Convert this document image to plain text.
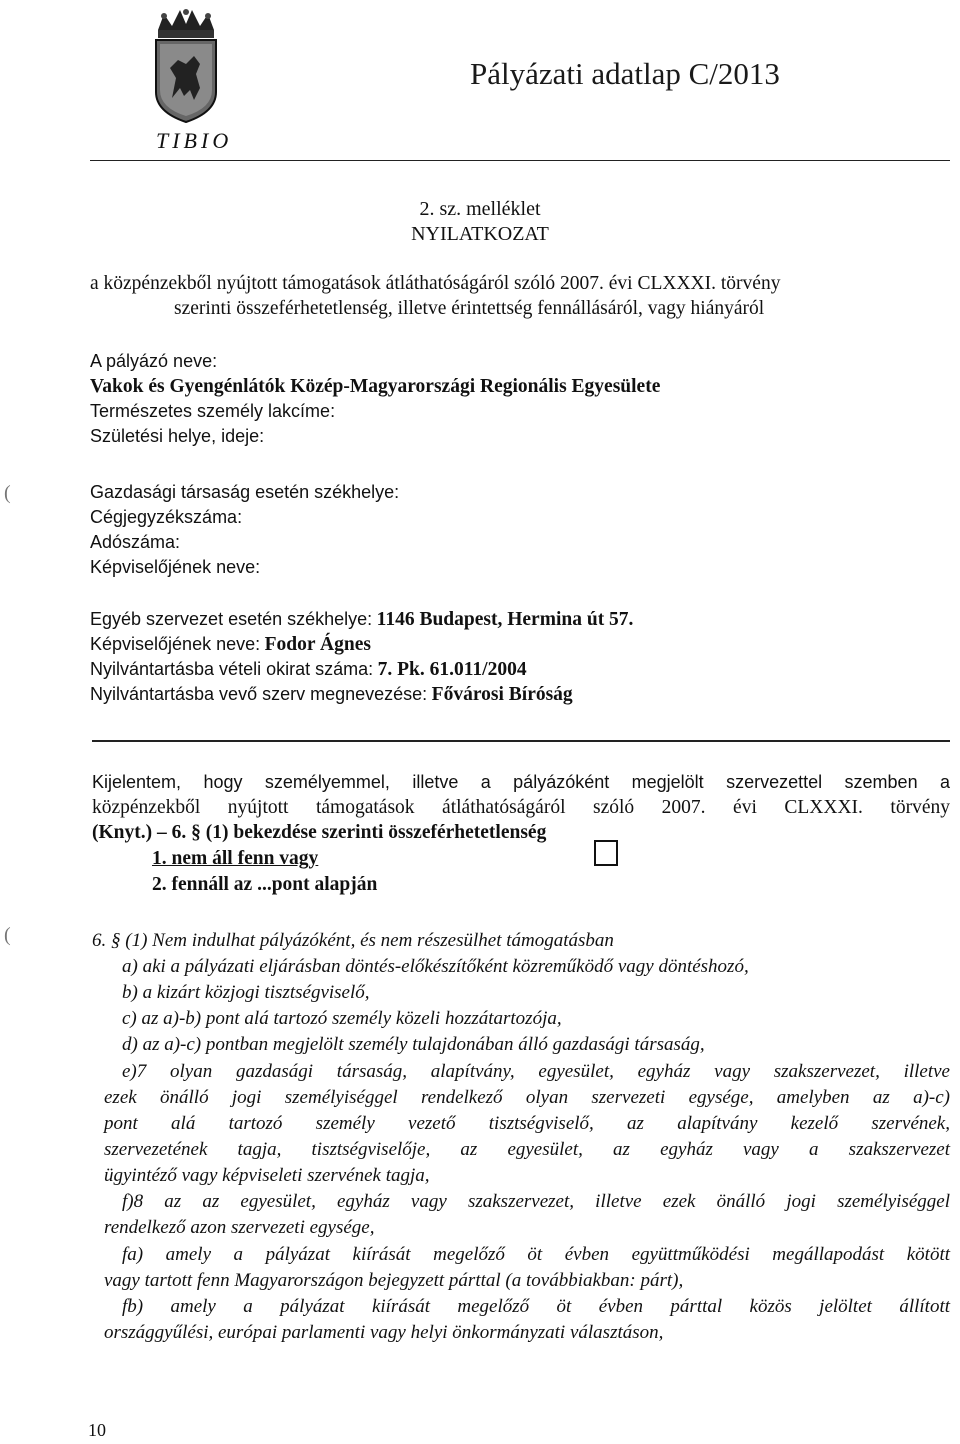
TIBIO
Pályázati adatlap C/2013
2. sz. melléklet
NYILATKOZAT
a közpénzekből nyújtott támogatások átláthatóságáról szóló 2007. évi CLXXXI. törvény
szerinti összeférhetetlenség, illetve érintettség fennállásáról, vagy hiányáról
A pályázó neve:
Vakok és Gyengénlátók Közép-Magyarországi Regionális Egyesülete
Természetes személy lakcíme:
Születési helye, ideje:
(	Gazdasági társaság esetén székhelye:
Cégjegyzékszáma:
Adószáma:
Képviselőjének neve:
Egyéb szervezet esetén székhelye: 1146 Budapest, Hermina út 57.
Képviselőjének neve: Fodor Ágnes
Nyilvántartásba vételi okirat száma: 7. Pk. 61.011/2004
Nyilvántartásba vevő szerv megnevezése: Fővárosi Bíróság
Kijelentem, hogy személyemmel, illetve a pályázóként megjelölt szervezettel szemben a
közpénzekből nyújtott támogatások átláthatóságáról szóló 2007. évi CLXXXI. törvény
(Knyt.) – 6. § (1) bekezdése szerinti összeférhetetlenség
1. nem áll fenn vagy
2. fennáll az ...pont alapján
(	6. § (1) Nem indulhat pályázóként, és nem részesülhet támogatásban
a) aki a pályázati eljárásban döntés-előkészítőként közreműködő vagy döntéshozó,
b) a kizárt közjogi tisztségviselő,
c) az a)-b) pont alá tartozó személy közeli hozzátartozója,
d) az a)-c) pontban megjelölt személy tulajdonában álló gazdasági társaság,
e)7 olyan gazdasági társaság, alapítvány, egyesület, egyház vagy szakszervezet, illetve
ezek önálló jogi személyiséggel rendelkező olyan szervezeti egysége, amelyben az a)-c)
pont alá tartozó személy vezető tisztségviselő, az alapítvány kezelő szervének,
szervezetének tagja, tisztségviselője, az egyesület, az egyház vagy a szakszervezet
ügyintéző vagy képviseleti szervének tagja,
f)8 az az egyesület, egyház vagy szakszervezet, illetve ezek önálló jogi személyiséggel
rendelkező azon szervezeti egysége,
fa) amely a pályázat kiírását megelőző öt évben együttműködési megállapodást kötött
vagy tartott fenn Magyarországon bejegyzett párttal (a továbbiakban: párt),
fb) amely a pályázat kiírását megelőző öt évben párttal közös jelöltet állított
országgyűlési, európai parlamenti vagy helyi önkormányzati választáson,
10
